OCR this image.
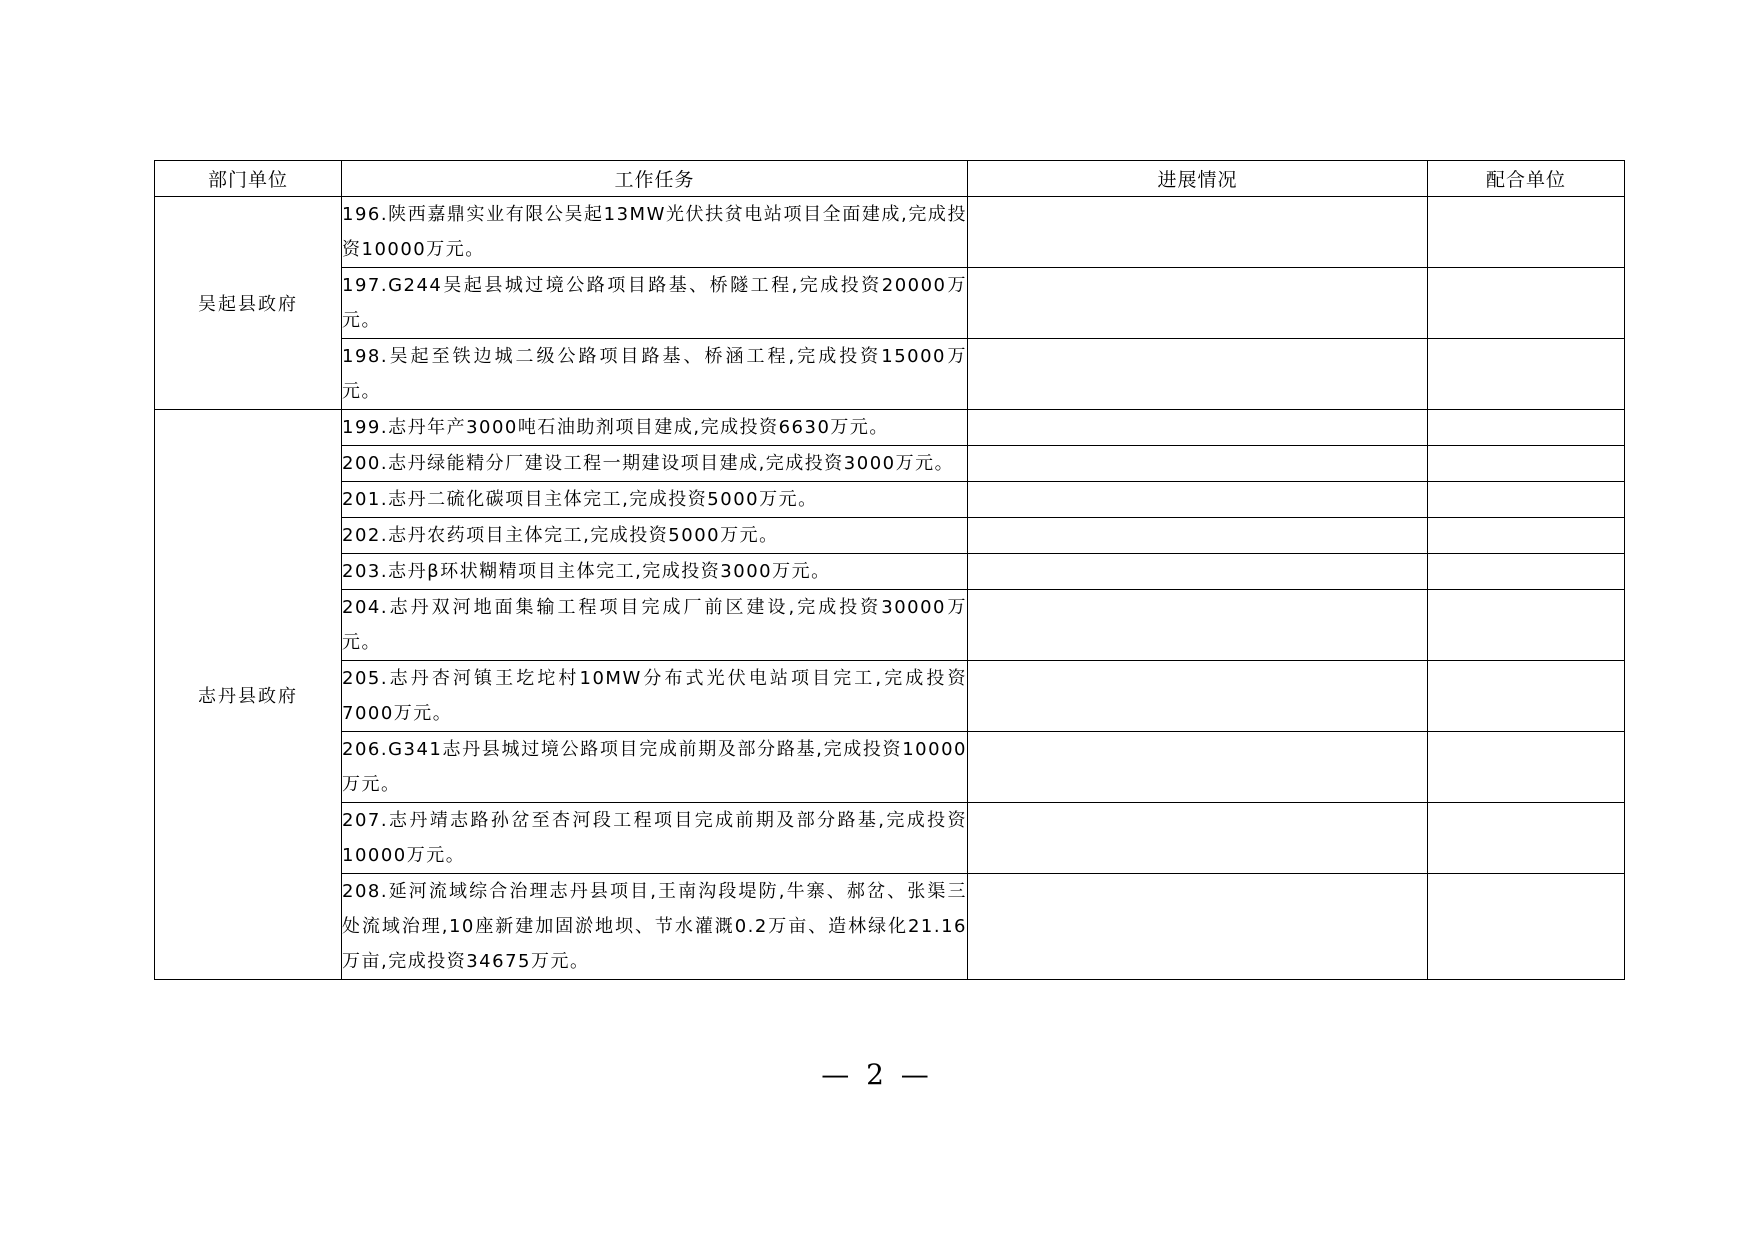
部门单位	工作任务	进展情况	配合单位
吴起县政府	196.陕西嘉鼎实业有限公吴起13MW光伏扶贫电站项目全面建成,完成投资10000万元。		
	197.G244吴起县城过境公路项目路基、桥隧工程,完成投资20000万元。		
	198.吴起至铁边城二级公路项目路基、桥涵工程,完成投资15000万元。		
志丹县政府	199.志丹年产3000吨石油助剂项目建成,完成投资6630万元。		
	200.志丹绿能精分厂建设工程一期建设项目建成,完成投资3000万元。		
	201.志丹二硫化碳项目主体完工,完成投资5000万元。		
	202.志丹农药项目主体完工,完成投资5000万元。		
	203.志丹β环状糊精项目主体完工,完成投资3000万元。		
	204.志丹双河地面集输工程项目完成厂前区建设,完成投资30000万元。		
	205.志丹杏河镇王圪坨村10MW分布式光伏电站项目完工,完成投资7000万元。		
	206.G341志丹县城过境公路项目完成前期及部分路基,完成投资10000万元。		
	207.志丹靖志路孙岔至杏河段工程项目完成前期及部分路基,完成投资10000万元。		
	208.延河流域综合治理志丹县项目,王南沟段堤防,牛寨、郝岔、张渠三处流域治理,10座新建加固淤地坝、节水灌溉0.2万亩、造林绿化21.16万亩,完成投资34675万元。		
— 2 —
